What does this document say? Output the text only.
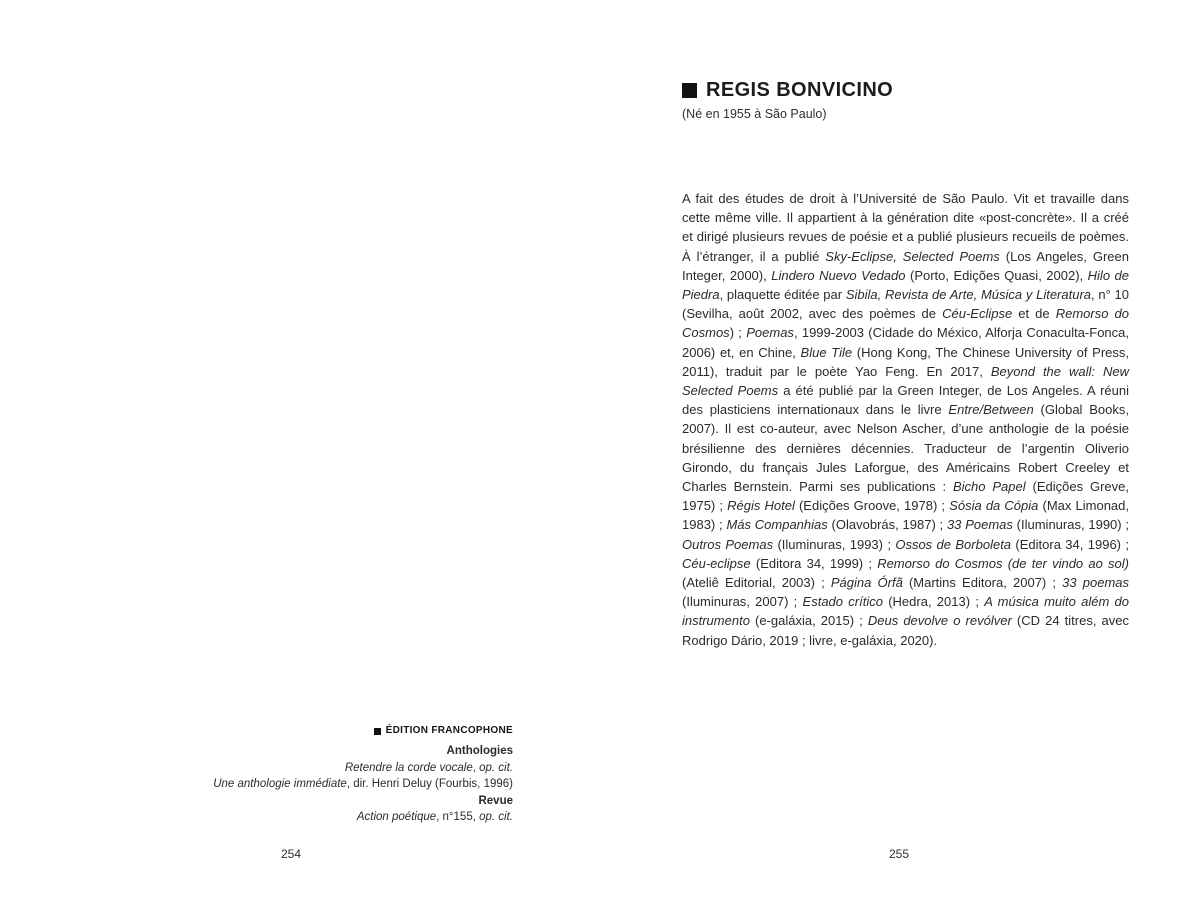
REGIS BONVICINO
(Né en 1955 à São Paulo)
A fait des études de droit à l’Université de São Paulo. Vit et travaille dans cette même ville. Il appartient à la génération dite «post-concrète». Il a créé et dirigé plusieurs revues de poésie et a publié plusieurs recueils de poèmes. À l’étranger, il a publié Sky-Eclipse, Selected Poems (Los Angeles, Green Integer, 2000), Lindero Nuevo Vedado (Porto, Edições Quasi, 2002), Hilo de Piedra, plaquette éditée par Sibila, Revista de Arte, Música y Literatura, n° 10 (Sevilha, août 2002, avec des poèmes de Céu-Eclipse et de Remorso do Cosmos) ; Poemas, 1999-2003 (Cidade do México, Alforja Conaculta-Fonca, 2006) et, en Chine, Blue Tile (Hong Kong, The Chinese University of Press, 2011), traduit par le poète Yao Feng. En 2017, Beyond the wall: New Selected Poems a été publié par la Green Integer, de Los Angeles. A réuni des plasticiens internationaux dans le livre Entre/Between (Global Books, 2007). Il est co-auteur, avec Nelson Ascher, d’une anthologie de la poésie brésilienne des dernières décennies. Traducteur de l’argentin Oliverio Girondo, du français Jules Laforgue, des Américains Robert Creeley et Charles Bernstein. Parmi ses publications : Bicho Papel (Edições Greve, 1975) ; Régis Hotel (Edições Groove, 1978) ; Sósia da Cópia (Max Limonad, 1983) ; Más Companhias (Olavobrás, 1987) ; 33 Poemas (Iluminuras, 1990) ; Outros Poemas (Iluminuras, 1993) ; Ossos de Borboleta (Editora 34, 1996) ; Céu-eclipse (Editora 34, 1999) ; Remorso do Cosmos (de ter vindo ao sol) (Ateliê Editorial, 2003) ; Página Órfã (Martins Editora, 2007) ; 33 poemas (Iluminuras, 2007) ; Estado crítico (Hedra, 2013) ; A música muito além do instrumento (e-galáxia, 2015) ; Deus devolve o revólver (CD 24 titres, avec Rodrigo Dário, 2019 ; livre, e-galáxia, 2020).
ÉDITION FRANCOPHONE
Anthologies
Retendre la corde vocale, op. cit.
Une anthologie immédiate, dir. Henri Deluy (Fourbis, 1996)
Revue
Action poétique, n°155, op. cit.
254	255
